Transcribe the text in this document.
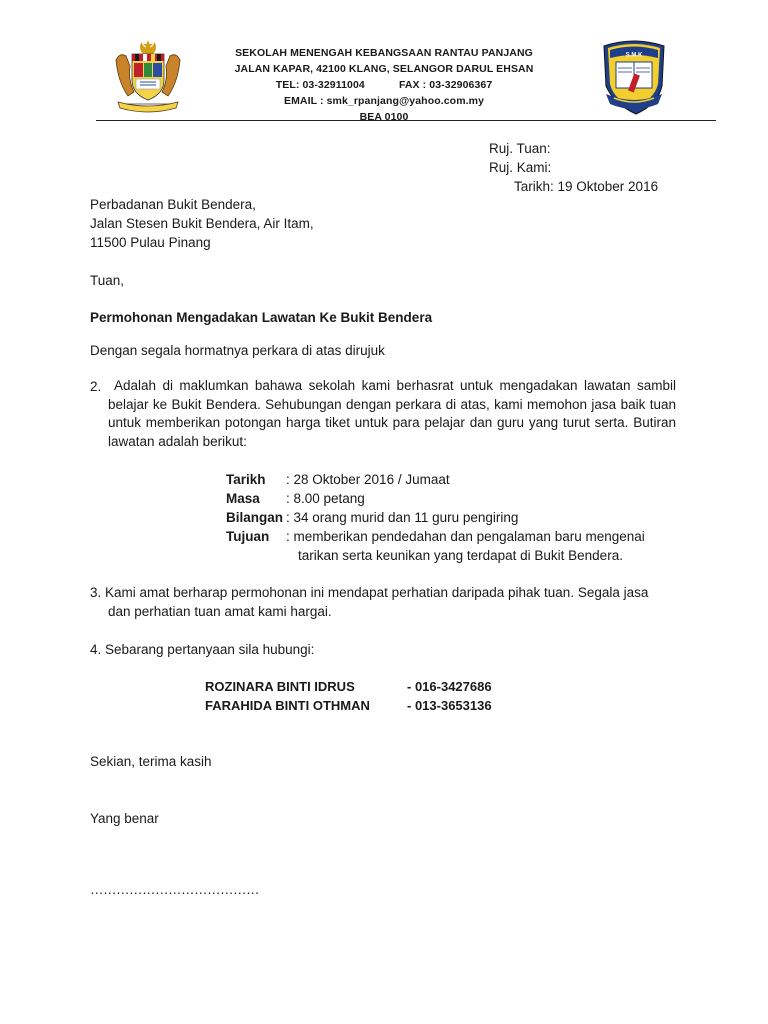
SEKOLAH MENENGAH KEBANGSAAN RANTAU PANJANG
JALAN KAPAR, 42100 KLANG, SELANGOR DARUL EHSAN
TEL: 03-32911004	FAX : 03-32906367
EMAIL : smk_rpanjang@yahoo.com.my
BEA 0100
S.M.K
Ruj. Tuan:
Ruj. Kami:
Tarikh: 19 Oktober 2016
Perbadanan Bukit Bendera,
Jalan Stesen Bukit Bendera, Air Itam,
11500 Pulau Pinang
Tuan,
Permohonan Mengadakan Lawatan Ke Bukit Bendera
Dengan segala hormatnya perkara di atas dirujuk
2. Adalah di maklumkan bahawa sekolah kami berhasrat untuk mengadakan lawatan sambil belajar ke Bukit Bendera. Sehubungan dengan perkara di atas, kami memohon jasa baik tuan untuk memberikan potongan harga tiket untuk para pelajar dan guru yang turut serta. Butiran lawatan adalah berikut:
Tarikh	: 28 Oktober 2016 / Jumaat
Masa	: 8.00 petang
Bilangan : 34 orang murid dan 11 guru pengiring
Tujuan	: memberikan pendedahan dan pengalaman baru mengenai
tarikan serta keunikan yang terdapat di Bukit Bendera.
3. Kami amat berharap permohonan ini mendapat perhatian daripada pihak tuan. Segala jasa
dan perhatian tuan amat kami hargai.
4. Sebarang pertanyaan sila hubungi:
ROZINARA BINTI IDRUS	- 016-3427686
FARAHIDA BINTI OTHMAN	- 013-3653136
Sekian, terima kasih
Yang benar
…………………………………
